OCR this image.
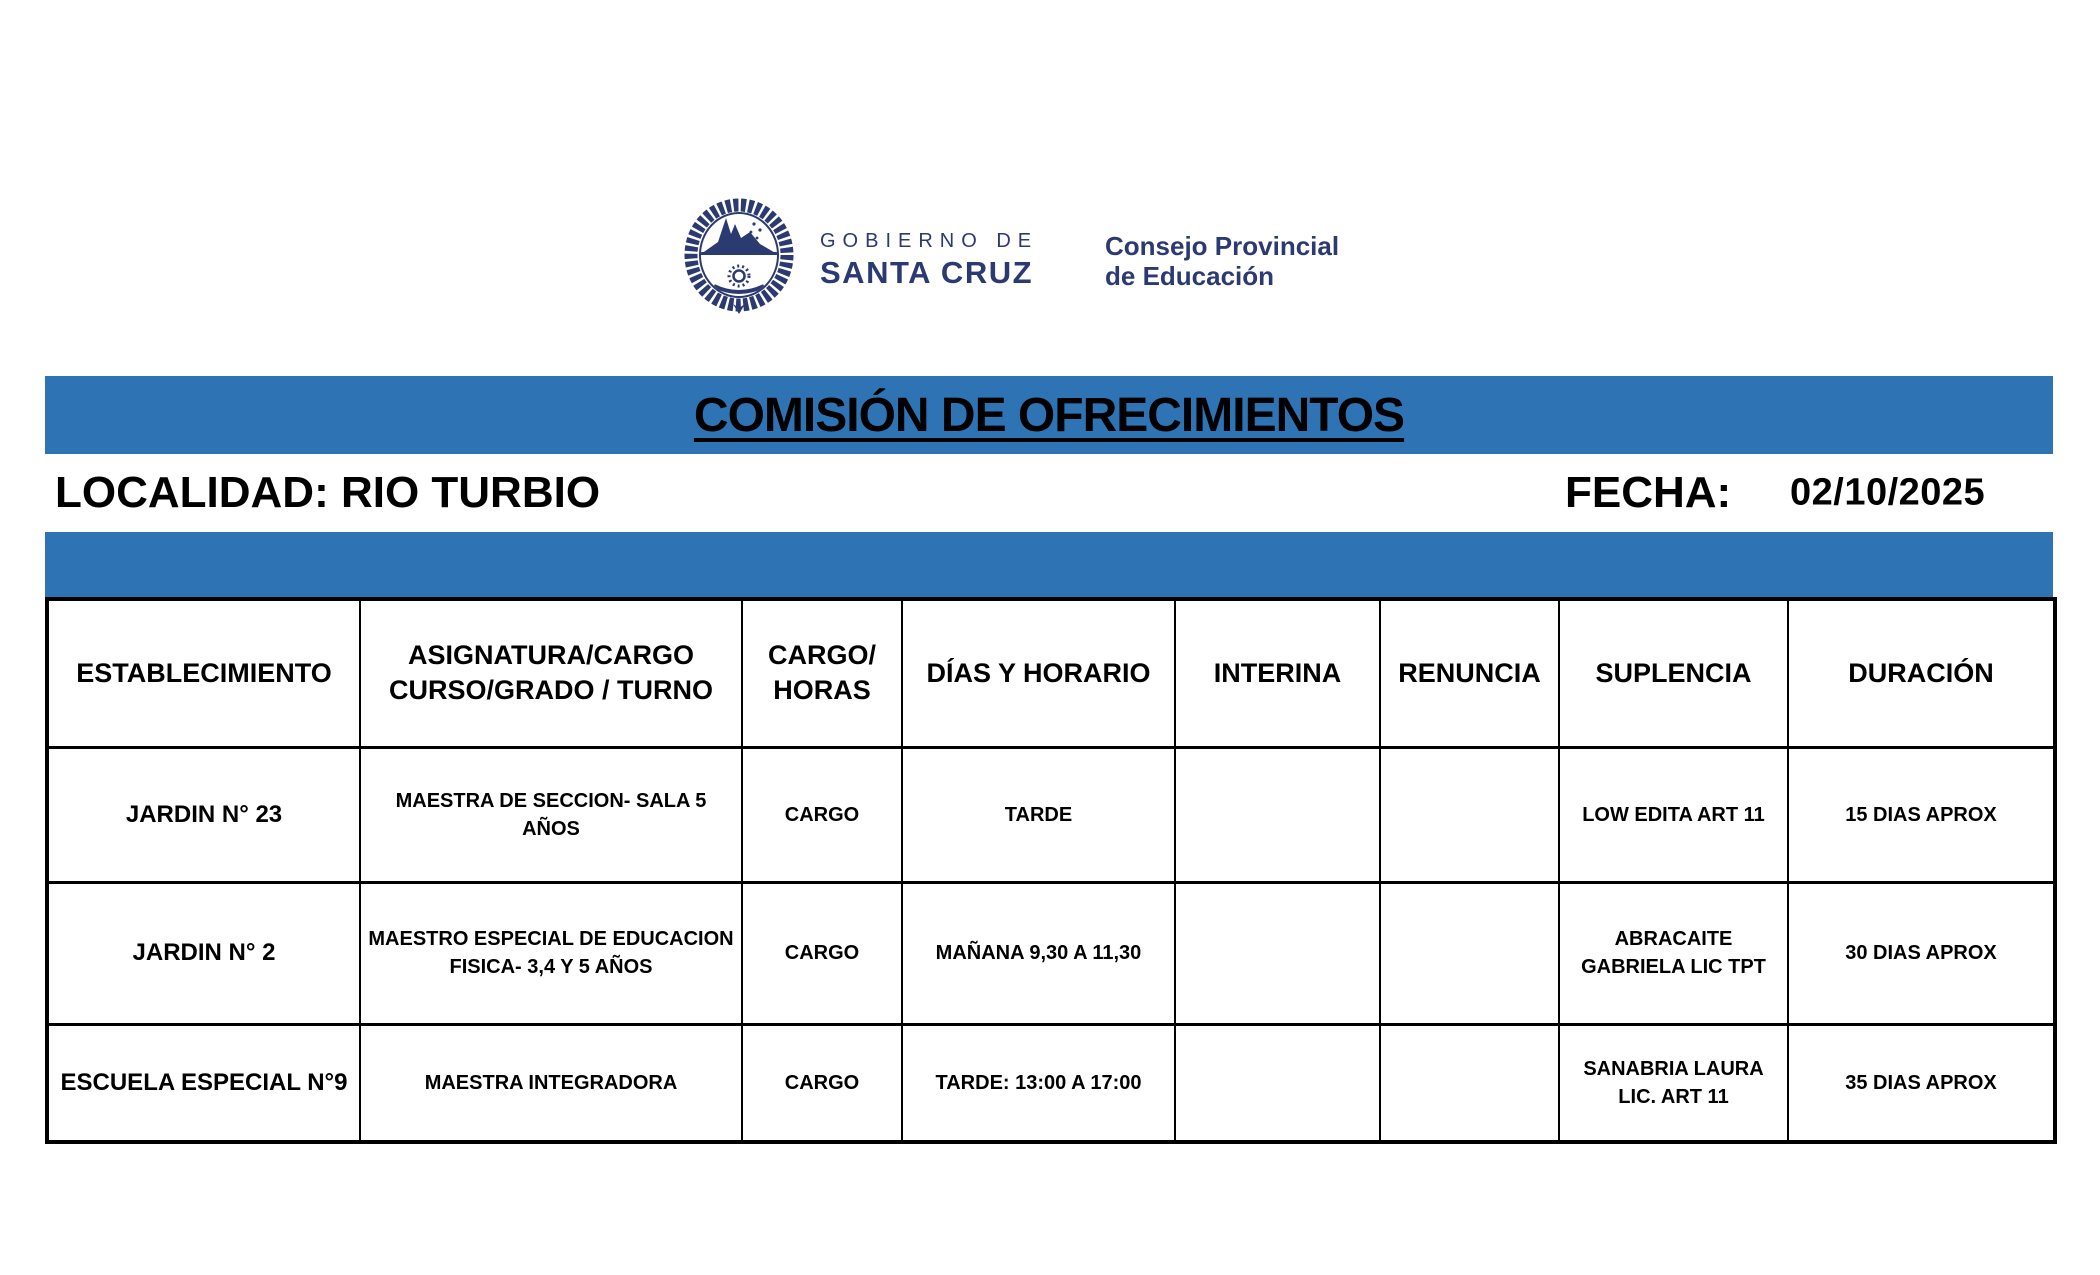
GOBIERNO DE
SANTA CRUZ
Consejo Provincial
de Educación
COMISIÓN DE OFRECIMIENTOS
LOCALIDAD: RIO TURBIO	FECHA: 02/10/2025
ESTABLECIMIENTO	ASIGNATURA/CARGO CURSO/GRADO / TURNO	CARGO/ HORAS	DÍAS Y HORARIO	INTERINA	RENUNCIA	SUPLENCIA	DURACIÓN
JARDIN N° 23	MAESTRA DE SECCION- SALA 5 AÑOS	CARGO	TARDE			LOW EDITA ART 11	15 DIAS APROX
JARDIN N° 2	MAESTRO ESPECIAL DE EDUCACION FISICA- 3,4 Y 5 AÑOS	CARGO	MAÑANA 9,30 A 11,30			ABRACAITE GABRIELA LIC TPT	30 DIAS APROX
ESCUELA ESPECIAL N°9	MAESTRA INTEGRADORA	CARGO	TARDE: 13:00 A 17:00			SANABRIA LAURA LIC. ART 11	35 DIAS APROX
